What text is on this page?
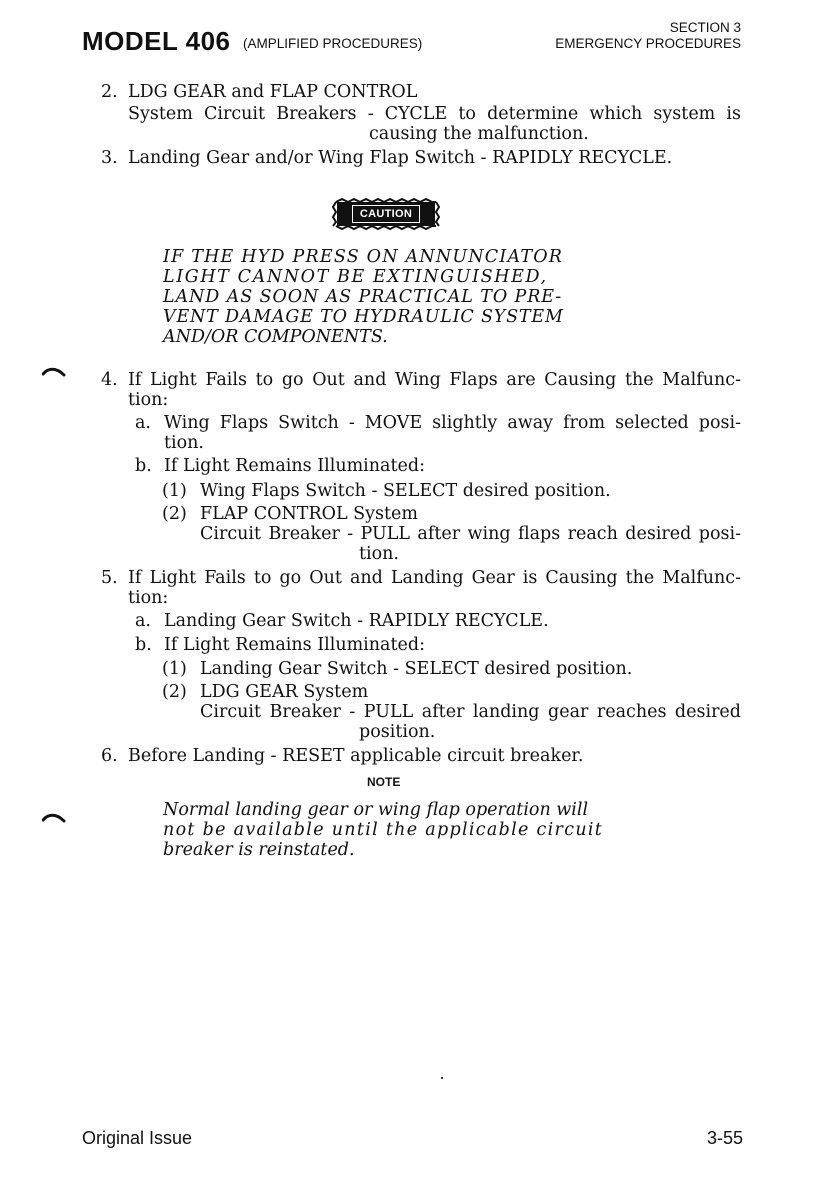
MODEL 406 (AMPLIFIED PROCEDURES)
SECTION 3
EMERGENCY PROCEDURES
2. LDG GEAR and FLAP CONTROL
System Circuit Breakers - CYCLE to determine which system is
causing the malfunction.
3. Landing Gear and/or Wing Flap Switch - RAPIDLY RECYCLE.
CAUTION
IF THE HYD PRESS ON ANNUNCIATOR
LIGHT CANNOT BE EXTINGUISHED,
LAND AS SOON AS PRACTICAL TO PRE-
VENT DAMAGE TO HYDRAULIC SYSTEM
AND/OR COMPONENTS.
4. If Light Fails to go Out and Wing Flaps are Causing the Malfunc-
tion:
a. Wing Flaps Switch - MOVE slightly away from selected posi-
tion.
b. If Light Remains Illuminated:
(1) Wing Flaps Switch - SELECT desired position.
(2) FLAP CONTROL System
Circuit Breaker - PULL after wing flaps reach desired posi-
tion.
5. If Light Fails to go Out and Landing Gear is Causing the Malfunc-
tion:
a. Landing Gear Switch - RAPIDLY RECYCLE.
b. If Light Remains Illuminated:
(1) Landing Gear Switch - SELECT desired position.
(2) LDG GEAR System
Circuit Breaker - PULL after landing gear reaches desired
position.
6. Before Landing - RESET applicable circuit breaker.
NOTE
Normal landing gear or wing flap operation will
not be available until the applicable circuit
breaker is reinstated.
Original Issue	3-55
